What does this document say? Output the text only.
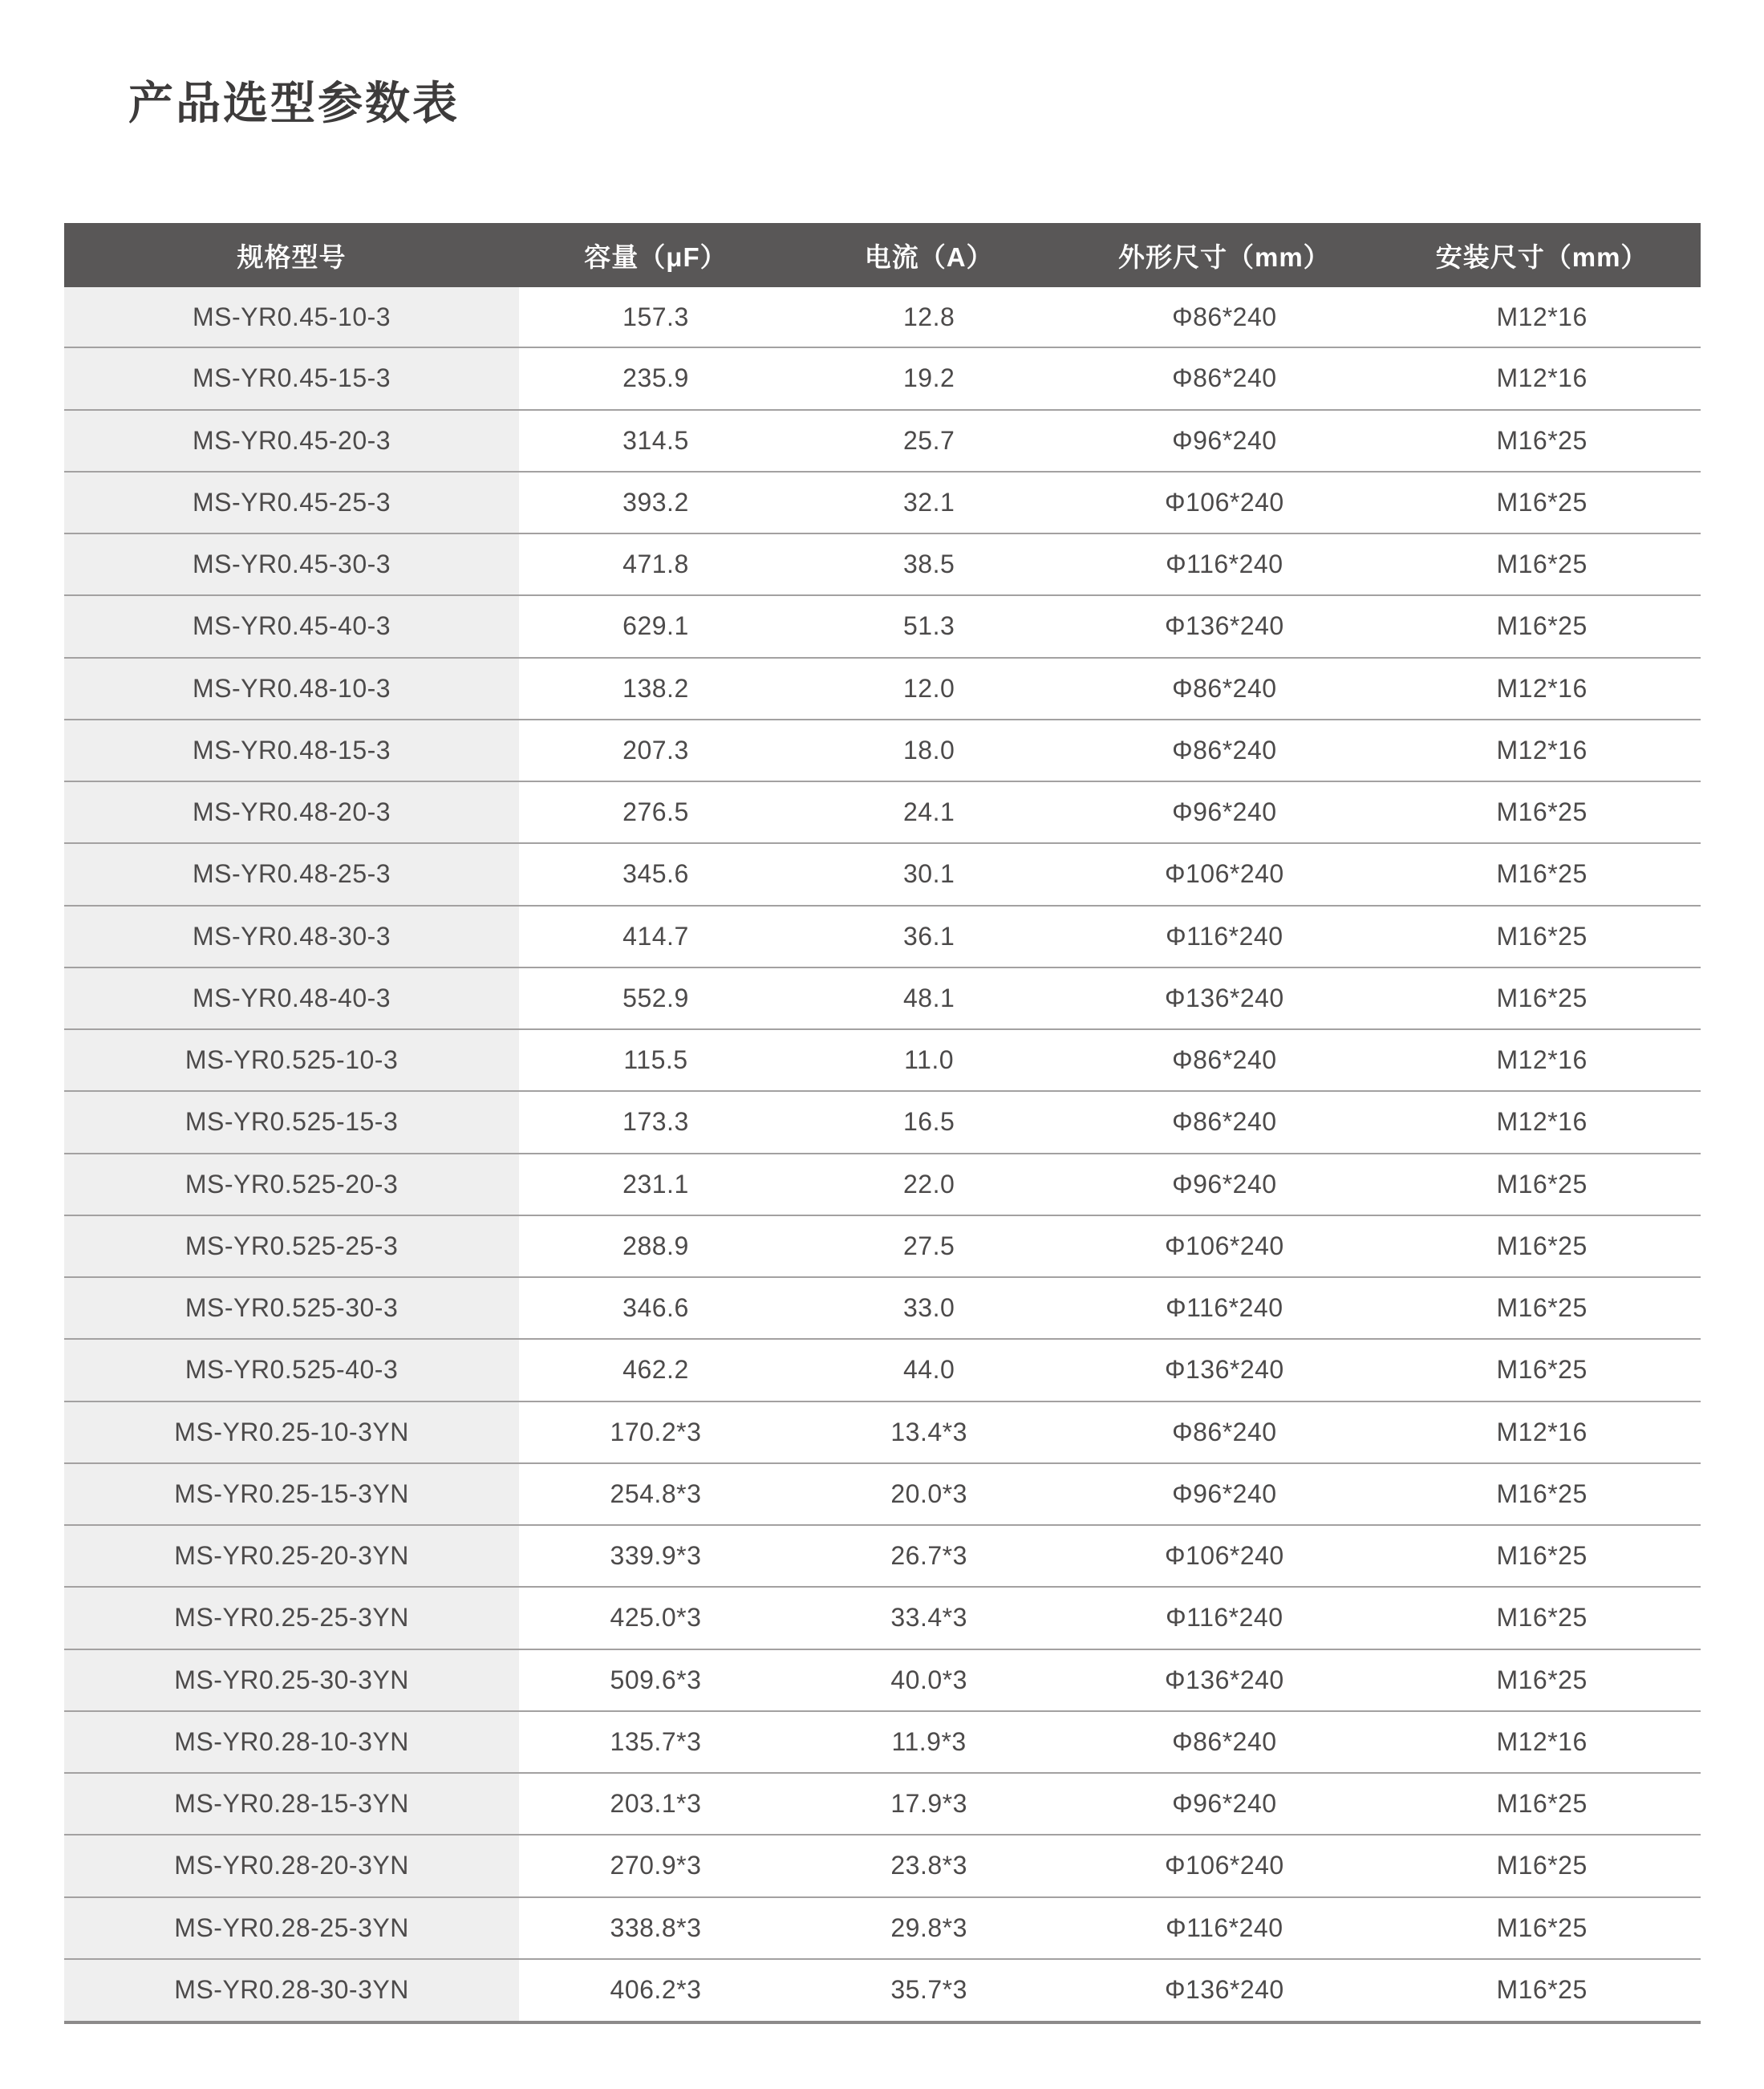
产品选型参数表
规格型号	容量（μF）	电流（A）	外形尺寸（mm）	安装尺寸（mm）
MS-YR0.45-10-3	157.3	12.8	Φ86*240	M12*16
MS-YR0.45-15-3	235.9	19.2	Φ86*240	M12*16
MS-YR0.45-20-3	314.5	25.7	Φ96*240	M16*25
MS-YR0.45-25-3	393.2	32.1	Φ106*240	M16*25
MS-YR0.45-30-3	471.8	38.5	Φ116*240	M16*25
MS-YR0.45-40-3	629.1	51.3	Φ136*240	M16*25
MS-YR0.48-10-3	138.2	12.0	Φ86*240	M12*16
MS-YR0.48-15-3	207.3	18.0	Φ86*240	M12*16
MS-YR0.48-20-3	276.5	24.1	Φ96*240	M16*25
MS-YR0.48-25-3	345.6	30.1	Φ106*240	M16*25
MS-YR0.48-30-3	414.7	36.1	Φ116*240	M16*25
MS-YR0.48-40-3	552.9	48.1	Φ136*240	M16*25
MS-YR0.525-10-3	115.5	11.0	Φ86*240	M12*16
MS-YR0.525-15-3	173.3	16.5	Φ86*240	M12*16
MS-YR0.525-20-3	231.1	22.0	Φ96*240	M16*25
MS-YR0.525-25-3	288.9	27.5	Φ106*240	M16*25
MS-YR0.525-30-3	346.6	33.0	Φ116*240	M16*25
MS-YR0.525-40-3	462.2	44.0	Φ136*240	M16*25
MS-YR0.25-10-3YN	170.2*3	13.4*3	Φ86*240	M12*16
MS-YR0.25-15-3YN	254.8*3	20.0*3	Φ96*240	M16*25
MS-YR0.25-20-3YN	339.9*3	26.7*3	Φ106*240	M16*25
MS-YR0.25-25-3YN	425.0*3	33.4*3	Φ116*240	M16*25
MS-YR0.25-30-3YN	509.6*3	40.0*3	Φ136*240	M16*25
MS-YR0.28-10-3YN	135.7*3	11.9*3	Φ86*240	M12*16
MS-YR0.28-15-3YN	203.1*3	17.9*3	Φ96*240	M16*25
MS-YR0.28-20-3YN	270.9*3	23.8*3	Φ106*240	M16*25
MS-YR0.28-25-3YN	338.8*3	29.8*3	Φ116*240	M16*25
MS-YR0.28-30-3YN	406.2*3	35.7*3	Φ136*240	M16*25
